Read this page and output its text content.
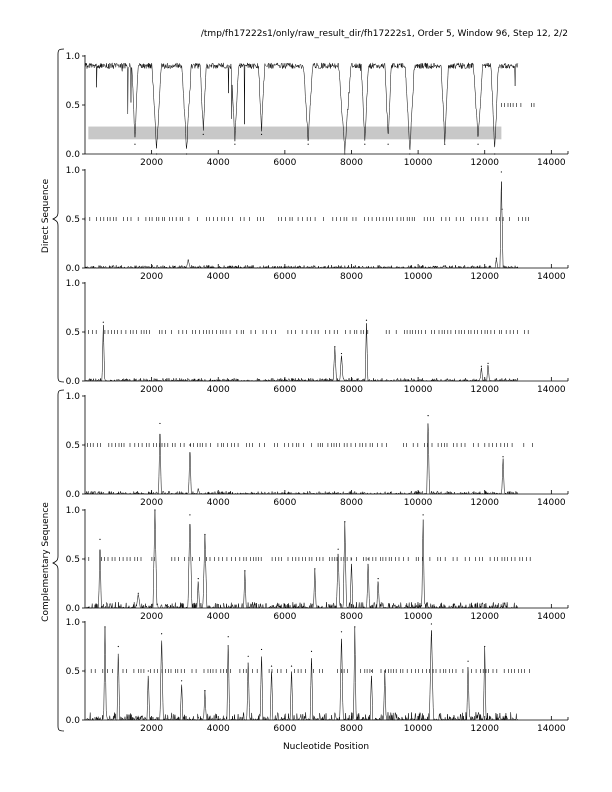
/tmp/fh17222s1/only/raw_result_dir/fh17222s1, Order 5, Window 96, Step 12, 2/2
Direct Sequence
Complementary Sequence
0.0
0.5
1.0
2000	4000	6000	8000	10000	12000	14000
0.0
0.5
1.0
2000	4000	6000	8000	10000	12000	14000
0.0
0.5
1.0
2000	4000	6000	8000	10000	12000	14000
0.0
0.5
1.0
2000	4000	6000	8000	10000	12000	14000
0.0
0.5
1.0
2000	4000	6000	8000	10000	12000	14000
0.0
0.5
1.0
2000	4000	6000	8000	10000	12000	14000
Nucleotide Position
